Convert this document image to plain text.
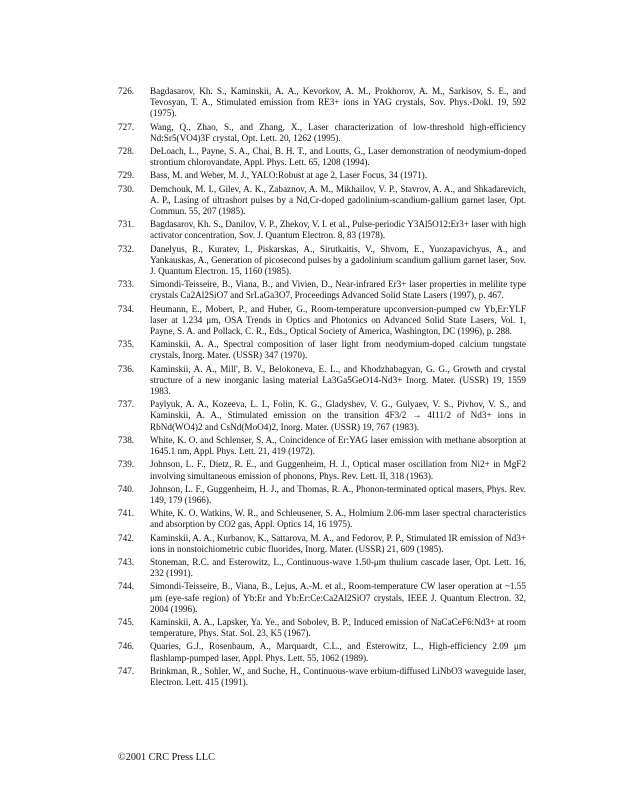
726. Bagdasarov, Kh. S., Kaminskii, A. A., Kevorkov, A. M., Prokhorov, A. M., Sarkisov, S. E., and Tevosyan, T. A., Stimulated emission from RE3+ ions in YAG crystals, Sov. Phys.-Dokl. 19, 592 (1975).
727. Wang, Q., Zhao, S., and Zhang, X., Laser characterization of low-threshold high-efficiency Nd:Sr5(VO4)3F crystal, Opt. Lett. 20, 1262 (1995).
728. DeLoach, L., Payne, S. A., Chai, B. H. T., and Loutts, G., Laser demonstration of neodymium-doped strontium chlorovandate, Appl. Phys. Lett. 65, 1208 (1994).
729. Bass, M. and Weber, M. J., YALO:Robust at age 2, Laser Focus, 34 (1971).
730. Demchouk, M. I., Gilev, A. K., Zabaznov, A. M., Mikhailov, V. P., Stavrov, A. A., and Shkadarevich, A. P., Lasing of ultrashort pulses by a Nd,Cr-doped gadolinium-scandium-gallium garnet laser, Opt. Commun. 55, 207 (1985).
731. Bagdasarov, Kh. S., Danilov, V. P., Zhekov, V. I. et al., Pulse-periodic Y3Al5O12:Er3+ laser with high activator concentration, Sov. J. Quantum Electron. 8, 83 (1978).
732. Danelyus, R., Kuratev, I., Piskarskas, A., Sirutkaitis, V., Shvom, E., Yuozapavichyus, A., and Yankauskas, A., Generation of picosecond pulses by a gadolinium scandium gallium garnet laser, Sov. J. Quantum Electron. 15, 1160 (1985).
733. Simondi-Teisseire, B., Viana, B., and Vivien, D., Near-infrared Er3+ laser properties in melilite type crystals Ca2Al2SiO7 and SrLaGa3O7, Proceedings Advanced Solid State Lasers (1997), p. 467.
734. Heumann, E., Mobert, P., and Huber, G., Room-temperature upconversion-pumped cw Yb,Er:YLF laser at 1.234 μm, OSA Trends in Optics and Photonics on Advanced Solid State Lasers, Vol. 1, Payne, S. A. and Pollack, C. R., Eds., Optical Society of America, Washington, DC (1996), p. 288.
735. Kaminskii, A. A., Spectral composition of laser light from neodymium-doped calcium tungstate crystals, Inorg. Mater. (USSR) 347 (1970).
736. Kaminskii, A. A., Mill', B. V., Belokoneva, E. L., and Khodzhabagyan, G. G., Growth and crystal structure of a new inorganic lasing material La3Ga5GeO14-Nd3+ Inorg. Mater. (USSR) 19, 1559 1983.
737. Paylyuk, A. A., Kozeeva, L. I., Folin, K. G., Gladyshev, V. G., Gulyaev, V. S., Pivhov, V. S., and Kaminskii, A. A., Stimulated emission on the transition 4F3/2 → 4I11/2 of Nd3+ ions in RbNd(WO4)2 and CsNd(MoO4)2, Inorg. Mater. (USSR) 19, 767 (1983).
738. White, K. O. and Schlenser, S. A., Coincidence of Er:YAG laser emission with methane absorption at 1645.1 nm, Appl. Phys. Lett. 21, 419 (1972).
739. Johnson, L. F., Dietz, R. E., and Guggenheim, H. J., Optical maser oscillation from Ni2+ in MgF2 involving simultaneous emission of phonons, Phys. Rev. Lett. II, 318 (1963).
740. Johnson, L. F., Guggenheim, H. J., and Thomas, R. A., Phonon-terminated optical masers, Phys. Rev. 149, 179 (1966).
741. White, K. O. Watkins, W. R., and Schleusener, S. A., Holmium 2.06-mm laser spectral characteristics and absorption by CO2 gas, Appl. Optics 14, 16 1975).
742. Kaminskii, A. A., Kurbanov, K., Sattarova, M. A., and Fedorov, P. P., Stimulated IR emission of Nd3+ ions in nonstoichiometric cubic fluorides, Inorg. Mater. (USSR) 21, 609 (1985).
743. Stoneman, R.C. and Esterowitz, L., Continuous-wave 1.50-μm thulium cascade laser, Opt. Lett. 16, 232 (1991).
744. Simondi-Teisseire, B., Viana, B., Lejus, A.-M. et al., Room-temperature CW laser operation at ~1.55 μm (eye-safe region) of Yb:Er and Yb:Er:Ce:Ca2Al2SiO7 crystals, IEEE J. Quantum Electron. 32, 2004 (1996).
745. Kaminskii, A. A., Lapsker, Ya. Ye., and Sobolev, B. P., Induced emission of NaCaCeF6:Nd3+ at room temperature, Phys. Stat. Sol. 23, K5 (1967).
746. Quaries, G.J., Rosenbaum, A., Marquardt, C.L., and Esterowitz, L., High-efficiency 2.09 μm flashlamp-pumped laser, Appl. Phys. Lett. 55, 1062 (1989).
747. Brinkman, R., Sohler, W., and Suche, H., Continuous-wave erbium-diffused LiNbO3 waveguide laser, Electron. Lett. 415 (1991).
©2001 CRC Press LLC
